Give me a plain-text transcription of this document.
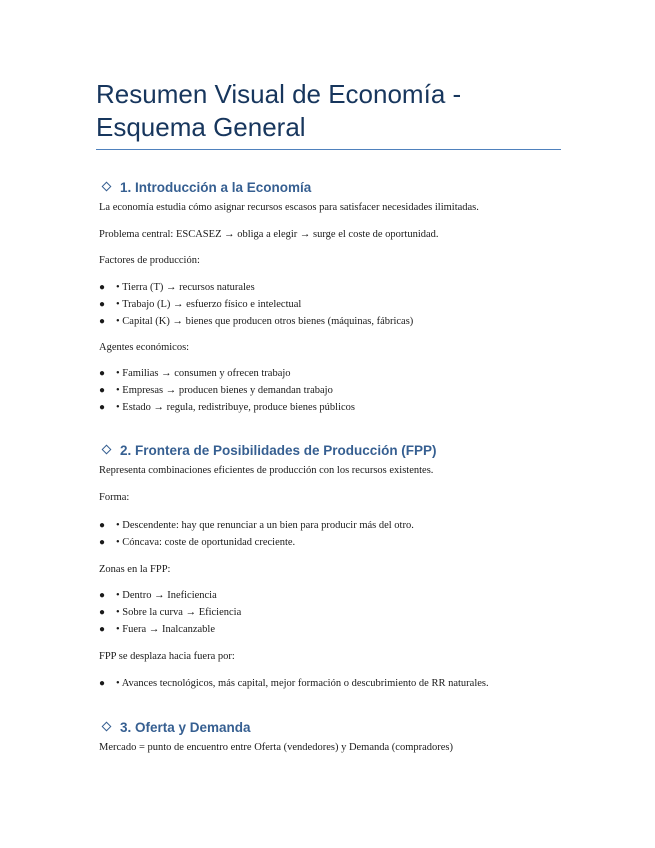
Resumen Visual de Economía - Esquema General
1. Introducción a la Economía

La economía estudia cómo asignar recursos escasos para satisfacer necesidades ilimitadas.

Problema central: ESCASEZ → obliga a elegir → surge el coste de oportunidad.

Factores de producción:

● • Tierra (T) → recursos naturales
● • Trabajo (L) → esfuerzo físico e intelectual
● • Capital (K) → bienes que producen otros bienes (máquinas, fábricas)

Agentes económicos:

● • Familias → consumen y ofrecen trabajo
● • Empresas → producen bienes y demandan trabajo
● • Estado → regula, redistribuye, produce bienes públicos
2. Frontera de Posibilidades de Producción (FPP)

Representa combinaciones eficientes de producción con los recursos existentes.

Forma:

● • Descendente: hay que renunciar a un bien para producir más del otro.
● • Cóncava: coste de oportunidad creciente.

Zonas en la FPP:

● • Dentro → Ineficiencia
● • Sobre la curva → Eficiencia
● • Fuera → Inalcanzable

FPP se desplaza hacia fuera por:

● • Avances tecnológicos, más capital, mejor formación o descubrimiento de RR naturales.
3. Oferta y Demanda

Mercado = punto de encuentro entre Oferta (vendedores) y Demanda (compradores)
